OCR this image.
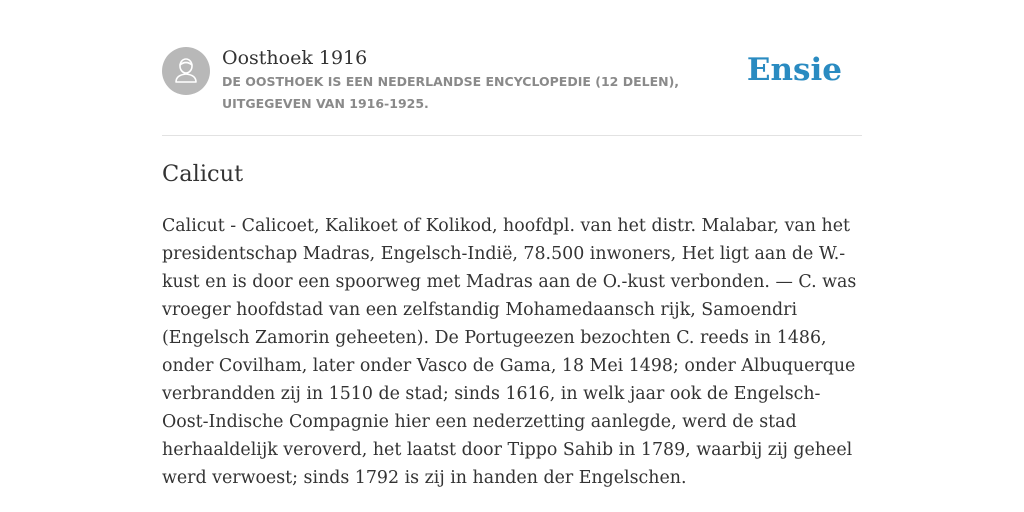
Oosthoek 1916
DE OOSTHOEK IS EEN NEDERLANDSE ENCYCLOPEDIE (12 DELEN), UITGEGEVEN VAN 1916-1925.
Ensie
Calicut

Calicut - Calicoet, Kalikoet of Kolikod, hoofdpl. van het distr. Malabar, van het presidentschap Madras, Engelsch-Indië, 78.500 inwoners, Het ligt aan de W.-kust en is door een spoorweg met Madras aan de O.-kust verbonden. — C. was vroeger hoofdstad van een zelfstandig Mohamedaansch rijk, Samoendri (Engelsch Zamorin geheeten). De Portugeezen bezochten C. reeds in 1486, onder Covilham, later onder Vasco de Gama, 18 Mei 1498; onder Albuquerque verbrandden zij in 1510 de stad; sinds 1616, in welk jaar ook de Engelsch-Oost-Indische Compagnie hier een nederzetting aanlegde, werd de stad herhaaldelijk veroverd, het laatst door Tippo Sahib in 1789, waarbij zij geheel werd verwoest; sinds 1792 is zij in handen der Engelschen.
